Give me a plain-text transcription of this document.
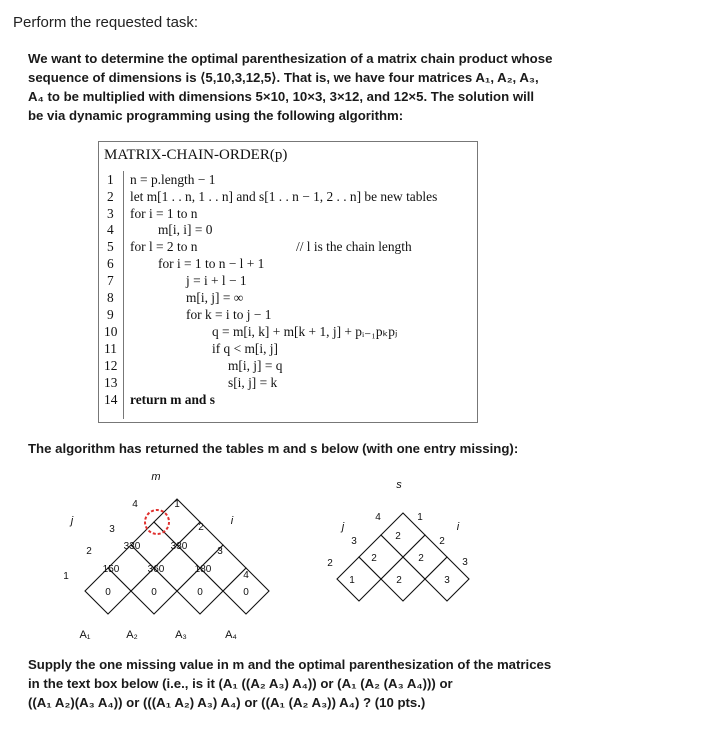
Perform the requested task:
We want to determine the optimal parenthesization of a matrix chain product whose
sequence of dimensions is ⟨5,10,3,12,5⟩. That is, we have four matrices A₁, A₂, A₃,
A₄ to be multiplied with dimensions 5×10, 10×3, 3×12, and 12×5. The solution will
be via dynamic programming using the following algorithm:
MATRIX-CHAIN-ORDER(p)
1	n = p.length − 1
2	let m[1 . . n, 1 . . n] and s[1 . . n − 1, 2 . . n] be new tables
3	for i = 1 to n
4	m[i, i] = 0
5	for l = 2 to n	// l is the chain length
6	for i = 1 to n − l + 1
7	j = i + l − 1
8	m[i, j] = ∞
9	for k = i to j − 1
10	q = m[i, k] + m[k + 1, j] + pᵢ₋₁pₖpⱼ
11	if q < m[i, j]
12	m[i, j] = q
13	s[i, j] = k
14 return m and s
The algorithm has returned the tables m and s below (with one entry missing):
0	0	0	0
150	360	180
330	330
m
j	i
1
2
3
4	1
2
3
4
A₁	A₂	A₃	A₄
1	2	3
2	2
2
s
j	i
2
3
4	1
2
3
Supply the one missing value in m and the optimal parenthesization of the matrices
in the text box below (i.e., is it (A₁ ((A₂ A₃) A₄)) or (A₁ (A₂ (A₃ A₄))) or
((A₁ A₂)(A₃ A₄)) or (((A₁ A₂) A₃) A₄) or ((A₁ (A₂ A₃)) A₄) ? (10 pts.)
